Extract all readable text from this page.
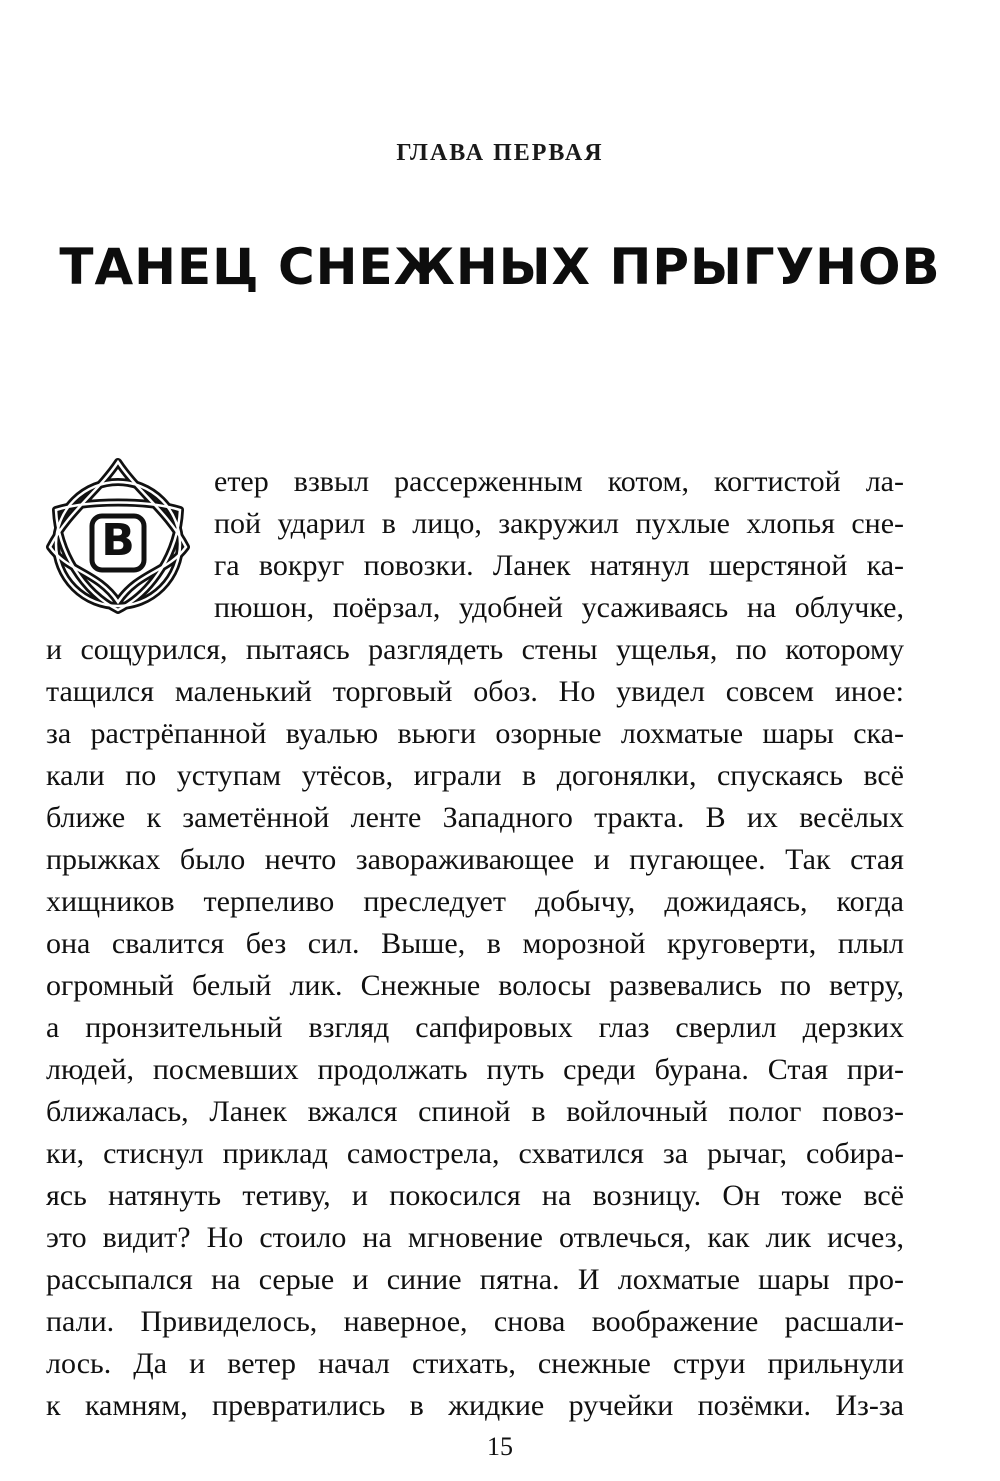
ГЛАВА ПЕРВАЯ
ТАНЕЦ СНЕЖНЫХ ПРЫГУНОВ
В
етер взвыл рассерженным котом, когтистой ла-
пой ударил в лицо, закружил пухлые хлопья сне-
га вокруг повозки. Ланек натянул шерстяной ка-
пюшон, поёрзал, удобней усаживаясь на облучке,
и сощурился, пытаясь разглядеть стены ущелья, по которому
тащился маленький торговый обоз. Но увидел совсем иное:
за растрёпанной вуалью вьюги озорные лохматые шары ска-
кали по уступам утёсов, играли в догонялки, спускаясь всё
ближе к заметённой ленте Западного тракта. В их весёлых
прыжках было нечто завораживающее и пугающее. Так стая
хищников терпеливо преследует добычу, дожидаясь, когда
она свалится без сил. Выше, в морозной круговерти, плыл
огромный белый лик. Снежные волосы развевались по ветру,
а пронзительный взгляд сапфировых глаз сверлил дерзких
людей, посмевших продолжать путь среди бурана. Стая при-
ближалась, Ланек вжался спиной в войлочный полог повоз-
ки, стиснул приклад самострела, схватился за рычаг, собира-
ясь натянуть тетиву, и покосился на возницу. Он тоже всё
это видит? Но стоило на мгновение отвлечься, как лик исчез,
рассыпался на серые и синие пятна. И лохматые шары про-
пали. Привиделось, наверное, снова воображение расшали-
лось. Да и ветер начал стихать, снежные струи прильнули
к камням, превратились в жидкие ручейки позёмки. Из-за
15
